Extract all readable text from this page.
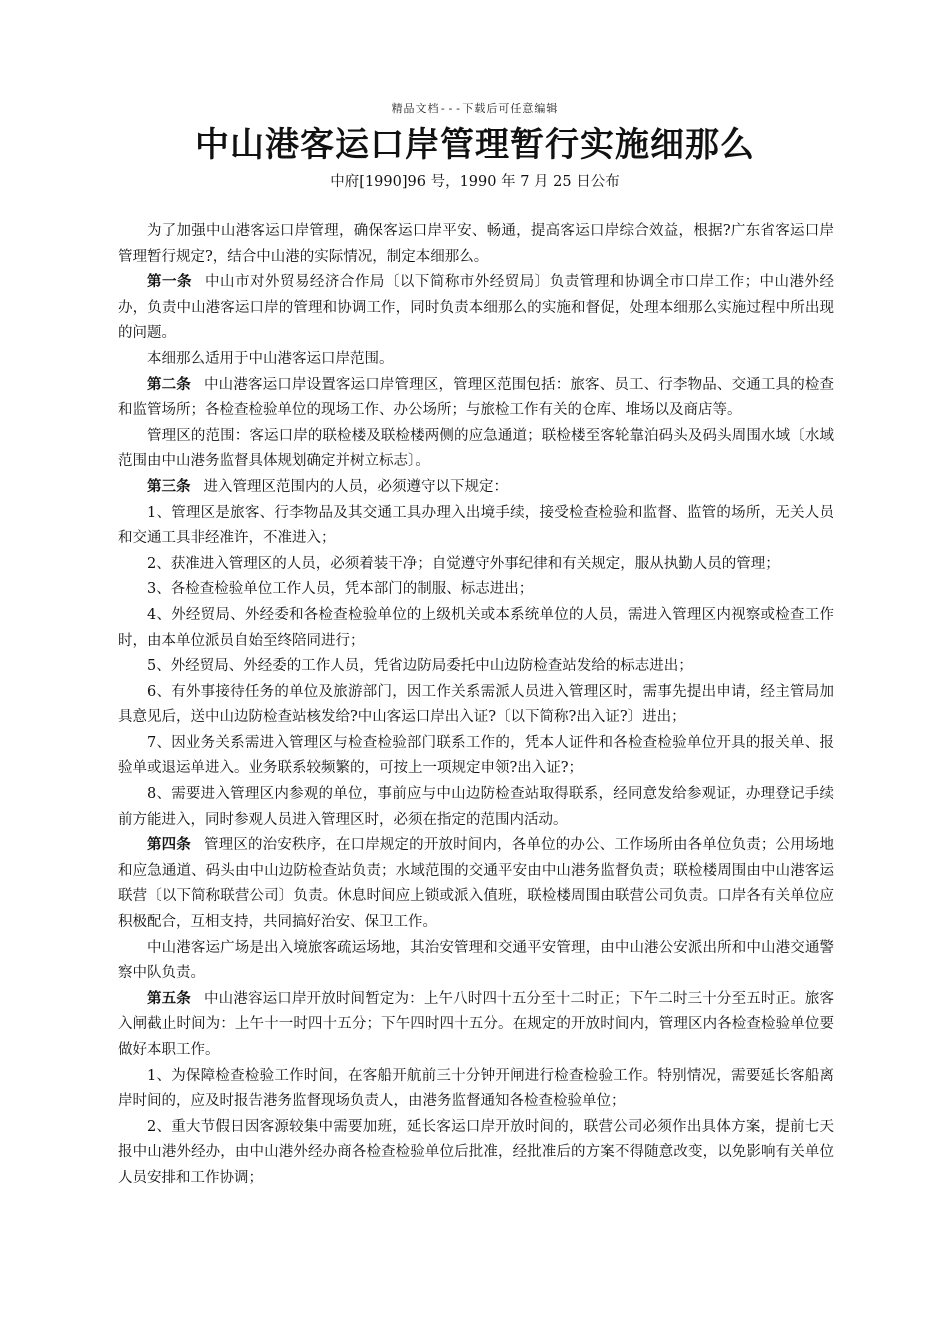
精品文档---下载后可任意编辑
中山港客运口岸管理暂行实施细那么
中府[1990]96 号，1990 年 7 月 25 日公布

为了加强中山港客运口岸管理，确保客运口岸平安、畅通，提高客运口岸综合效益，根据?广东省客运口岸管理暂行规定?，结合中山港的实际情况，制定本细那么。

第一条 中山市对外贸易经济合作局〔以下简称市外经贸局〕负责管理和协调全市口岸工作；中山港外经办，负责中山港客运口岸的管理和协调工作，同时负责本细那么的实施和督促，处理本细那么实施过程中所出现的问题。

本细那么适用于中山港客运口岸范围。

第二条 中山港客运口岸设置客运口岸管理区，管理区范围包括：旅客、员工、行李物品、交通工具的检查和监管场所；各检查检验单位的现场工作、办公场所；与旅检工作有关的仓库、堆场以及商店等。

管理区的范围：客运口岸的联检楼及联检楼两侧的应急通道；联检楼至客轮靠泊码头及码头周围水域〔水域范围由中山港务监督具体规划确定并树立标志〕。

第三条 进入管理区范围内的人员，必须遵守以下规定：

1、管理区是旅客、行李物品及其交通工具办理入出境手续，接受检查检验和监督、监管的场所，无关人员和交通工具非经准许，不准进入；

2、获准进入管理区的人员，必须着装干净；自觉遵守外事纪律和有关规定，服从执勤人员的管理；

3、各检查检验单位工作人员，凭本部门的制服、标志进出；

4、外经贸局、外经委和各检查检验单位的上级机关或本系统单位的人员，需进入管理区内视察或检查工作时，由本单位派员自始至终陪同进行；

5、外经贸局、外经委的工作人员，凭省边防局委托中山边防检查站发给的标志进出；

6、有外事接待任务的单位及旅游部门，因工作关系需派人员进入管理区时，需事先提出申请，经主管局加具意见后，送中山边防检查站核发给?中山客运口岸出入证?〔以下简称?出入证?〕进出；

7、因业务关系需进入管理区与检查检验部门联系工作的，凭本人证件和各检查检验单位开具的报关单、报验单或退运单进入。业务联系较频繁的，可按上一项规定申领?出入证?；

8、需要进入管理区内参观的单位，事前应与中山边防检查站取得联系，经同意发给参观证，办理登记手续前方能进入，同时参观人员进入管理区时，必须在指定的范围内活动。

第四条 管理区的治安秩序，在口岸规定的开放时间内，各单位的办公、工作场所由各单位负责；公用场地和应急通道、码头由中山边防检查站负责；水域范围的交通平安由中山港务监督负责；联检楼周围由中山港客运联营〔以下简称联营公司〕负责。休息时间应上锁或派入值班，联检楼周围由联营公司负责。口岸各有关单位应积极配合，互相支持，共同搞好治安、保卫工作。

中山港客运广场是出入境旅客疏运场地，其治安管理和交通平安管理，由中山港公安派出所和中山港交通警察中队负责。

第五条 中山港容运口岸开放时间暂定为：上午八时四十五分至十二时正；下午二时三十分至五时正。旅客入闸截止时间为：上午十一时四十五分；下午四时四十五分。在规定的开放时间内，管理区内各检查检验单位要做好本职工作。

1、为保障检查检验工作时间，在客船开航前三十分钟开闸进行检查检验工作。特别情况，需要延长客船离岸时间的，应及时报告港务监督现场负责人，由港务监督通知各检查检验单位；

2、重大节假日因客源较集中需要加班，延长客运口岸开放时间的，联营公司必须作出具体方案，提前七天报中山港外经办，由中山港外经办商各检查检验单位后批准，经批准后的方案不得随意改变，以免影响有关单位人员安排和工作协调；
